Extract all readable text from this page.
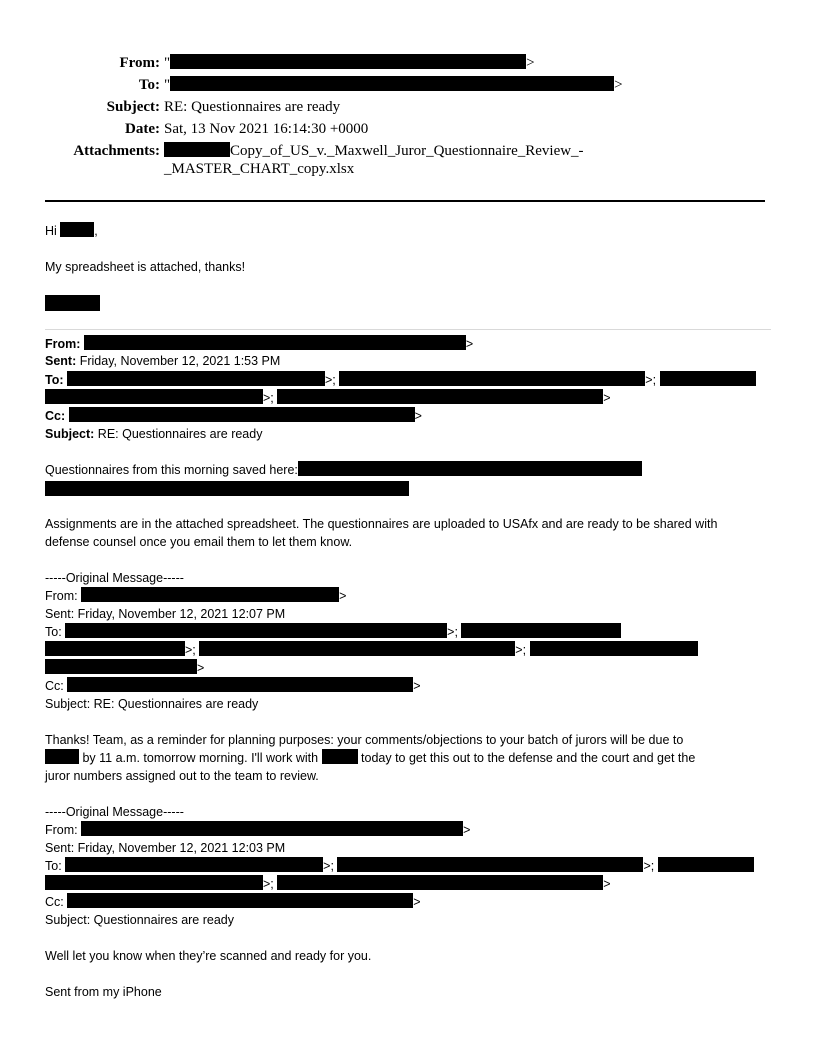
From: "	>
To: "	>
Subject: RE: Questionnaires are ready
Date: Sat, 13 Nov 2021 16:14:30 +0000
Attachments:	Copy_of_US_v._Maxwell_Juror_Questionnaire_Review_-
_MASTER_CHART_copy.xlsx
Hi	,
My spreadsheet is attached, thanks!
From:	>
Sent: Friday, November 12, 2021 1:53 PM
To:	>;	>;
>;	>
Cc:	>
Subject: RE: Questionnaires are ready
Questionnaires from this morning saved here:
Assignments are in the attached spreadsheet. The questionnaires are uploaded to USAfx and are ready to be shared with
defense counsel once you email them to let them know.
-----Original Message-----
From:	>
Sent: Friday, November 12, 2021 12:07 PM
To:	>;
>;	>;
>
Cc:	>
Subject: RE: Questionnaires are ready
Thanks! Team, as a reminder for planning purposes: your comments/objections to your batch of jurors will be due to
by 11 a.m. tomorrow morning. I'll work with	today to get this out to the defense and the court and get the
juror numbers assigned out to the team to review.
-----Original Message-----
From:	>
Sent: Friday, November 12, 2021 12:03 PM
To:	>;	>;
>;	>
Cc:	>
Subject: Questionnaires are ready
Well let you know when they’re scanned and ready for you.
Sent from my iPhone
